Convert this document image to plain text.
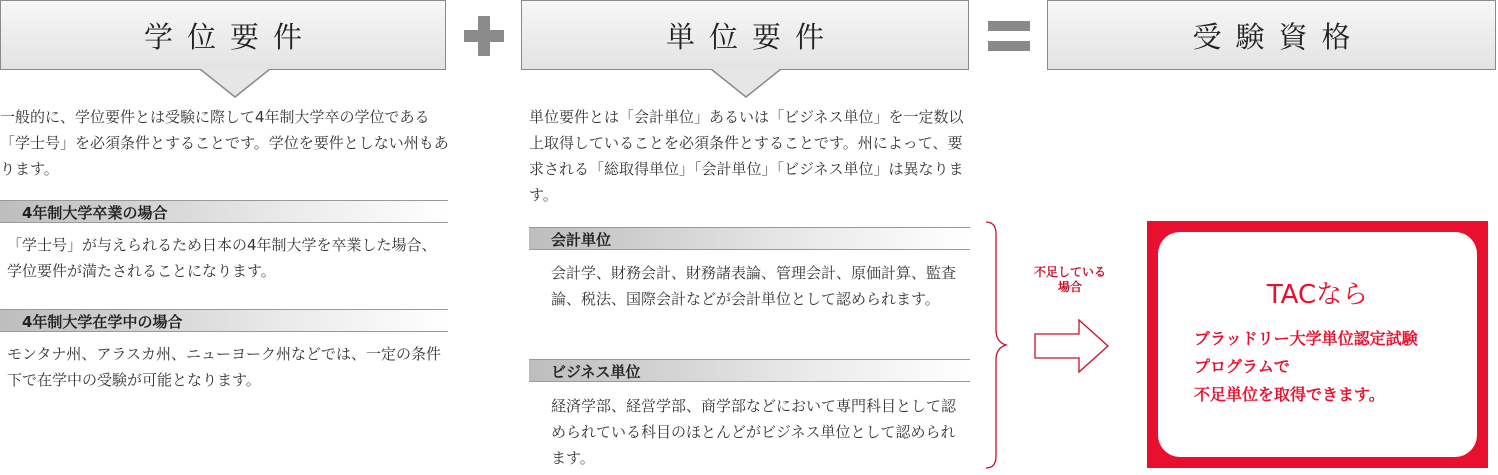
学位要件	単位要件	受験資格

一般的に、学位要件とは受験に際して4年制大学卒の学位である「学士号」を必須条件とすることです。学位を要件としない州もあります。

4年制大学卒業の場合

「学士号」が与えられるため日本の4年制大学を卒業した場合、学位要件が満たされることになります。

4年制大学在学中の場合

モンタナ州、アラスカ州、ニューヨーク州などでは、一定の条件下で在学中の受験が可能となります。

単位要件とは「会計単位」あるいは「ビジネス単位」を一定数以上取得していることを必須条件とすることです。州によって、要求される「総取得単位」「会計単位」「ビジネス単位」は異なります。

会計単位

会計学、財務会計、財務諸表論、管理会計、原価計算、監査論、税法、国際会計などが会計単位として認められます。

ビジネス単位

経済学部、経営学部、商学部などにおいて専門科目として認められている科目のほとんどがビジネス単位として認められます。

不足している
場合	TACなら
ブラッドリー大学単位認定試験
プログラムで
不足単位を取得できます。
